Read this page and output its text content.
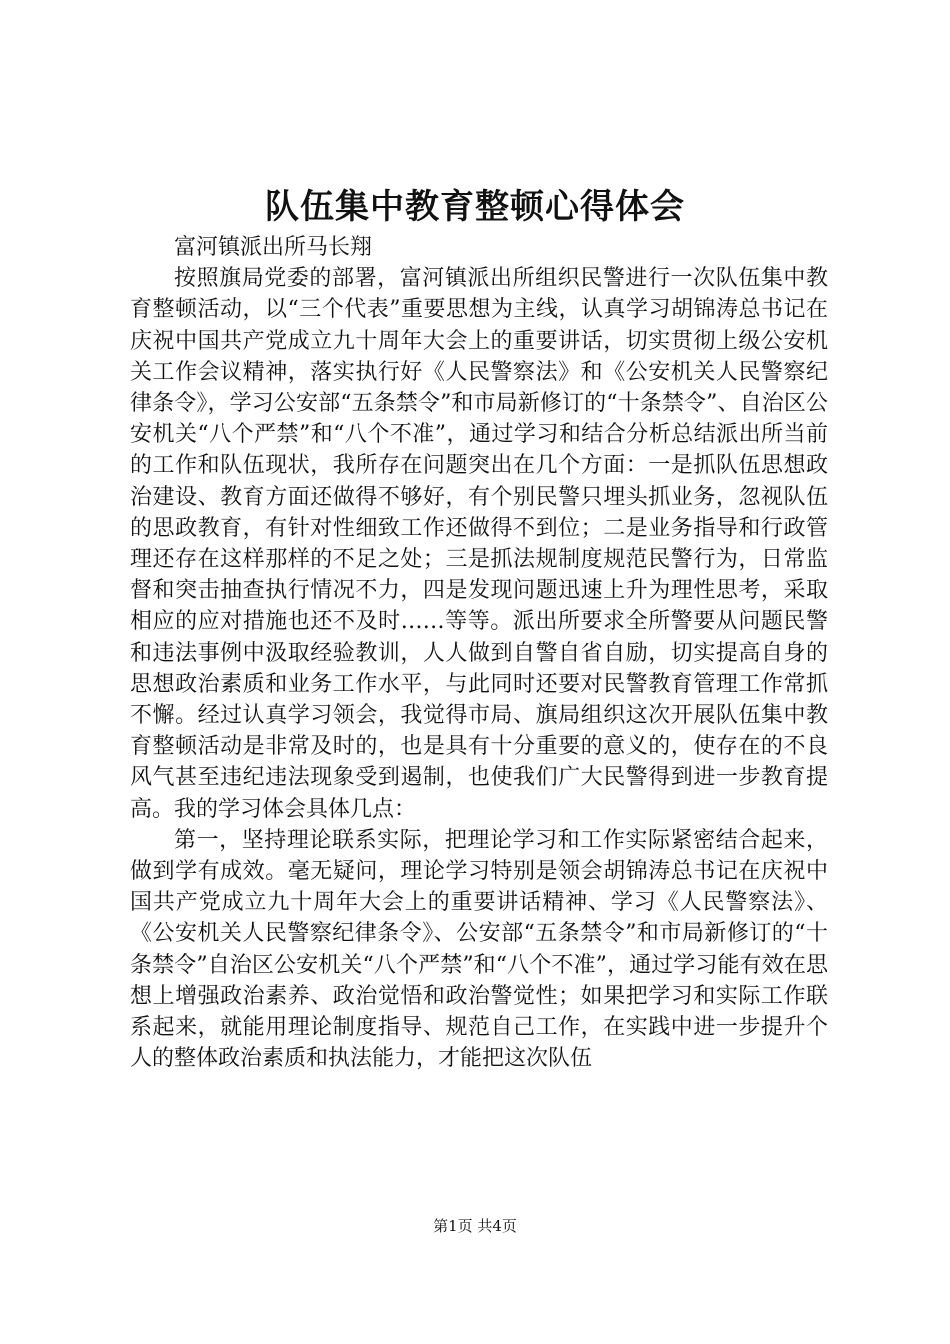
队伍集中教育整顿心得体会

富河镇派出所马长翔

按照旗局党委的部署，富河镇派出所组织民警进行一次队伍集中教育整顿活动，以“三个代表”重要思想为主线，认真学习胡锦涛总书记在庆祝中国共产党成立九十周年大会上的重要讲话，切实贯彻上级公安机关工作会议精神，落实执行好《人民警察法》和《公安机关人民警察纪律条令》，学习公安部“五条禁令”和市局新修订的“十条禁令”、自治区公安机关“八个严禁”和“八个不准”，通过学习和结合分析总结派出所当前的工作和队伍现状，我所存在问题突出在几个方面：一是抓队伍思想政治建设、教育方面还做得不够好，有个别民警只埋头抓业务，忽视队伍的思政教育，有针对性细致工作还做得不到位；二是业务指导和行政管理还存在这样那样的不足之处；三是抓法规制度规范民警行为，日常监督和突击抽查执行情况不力，四是发现问题迅速上升为理性思考，采取相应的应对措施也还不及时……等等。派出所要求全所警要从问题民警和违法事例中汲取经验教训，人人做到自警自省自励，切实提高自身的思想政治素质和业务工作水平，与此同时还要对民警教育管理工作常抓不懈。经过认真学习领会，我觉得市局、旗局组织这次开展队伍集中教育整顿活动是非常及时的，也是具有十分重要的意义的，使存在的不良风气甚至违纪违法现象受到遏制，也使我们广大民警得到进一步教育提高。我的学习体会具体几点：

第一，坚持理论联系实际，把理论学习和工作实际紧密结合起来，做到学有成效。毫无疑问，理论学习特别是领会胡锦涛总书记在庆祝中国共产党成立九十周年大会上的重要讲话精神、学习《人民警察法》、《公安机关人民警察纪律条令》、公安部“五条禁令”和市局新修订的“十条禁令”自治区公安机关“八个严禁”和“八个不准”，通过学习能有效在思想上增强政治素养、政治觉悟和政治警觉性；如果把学习和实际工作联系起来，就能用理论制度指导、规范自己工作，在实践中进一步提升个人的整体政治素质和执法能力，才能把这次队伍

第1页 共4页
